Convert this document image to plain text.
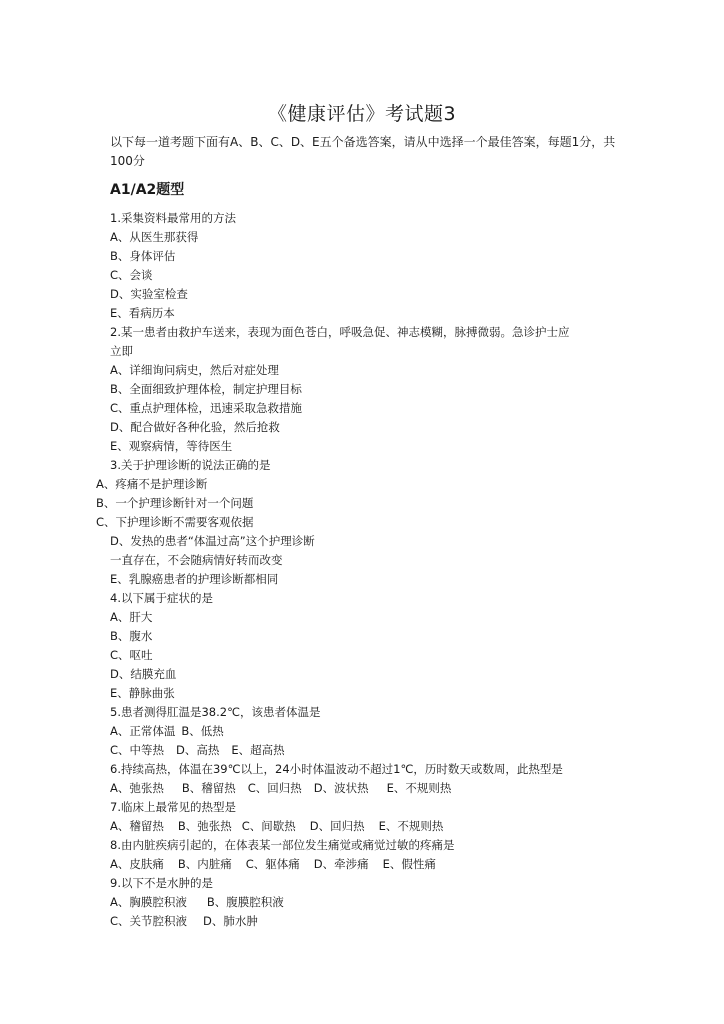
《健康评估》考试题3
以下每一道考题下面有A、B、C、D、E五个备选答案，请从中选择一个最佳答案，每题1分，共100分
A1/A2题型
1.采集资料最常用的方法
A、从医生那获得
B、身体评估
C、会谈
D、实验室检查
E、看病历本
2.某一患者由救护车送来，表现为面色苍白，呼吸急促、神志模糊，脉搏微弱。急诊护士应
立即
A、详细询问病史，然后对症处理
B、全面细致护理体检，制定护理目标
C、重点护理体检，迅速采取急救措施
D、配合做好各种化验，然后抢救
E、观察病情，等待医生
3.关于护理诊断的说法正确的是
A、疼痛不是护理诊断
B、一个护理诊断针对一个问题
C、下护理诊断不需要客观依据
D、发热的患者“体温过高”这个护理诊断
一直存在，不会随病情好转而改变
E、乳腺癌患者的护理诊断都相同
4.以下属于症状的是
A、肝大
B、腹水
C、呕吐
D、结膜充血
E、静脉曲张
5.患者测得肛温是38.2℃，该患者体温是
A、正常体温 B、低热
C、中等热 D、高热 E、超高热
6.持续高热，体温在39℃以上，24小时体温波动不超过1℃，历时数天或数周，此热型是
A、弛张热 B、稽留热 C、回归热 D、波状热 E、不规则热
7.临床上最常见的热型是
A、稽留热 B、弛张热 C、间歇热 D、回归热 E、不规则热
8.由内脏疾病引起的，在体表某一部位发生痛觉或痛觉过敏的疼痛是
A、皮肤痛 B、内脏痛 C、躯体痛 D、牵涉痛 E、假性痛
9.以下不是水肿的是
A、胸膜腔积液 B、腹膜腔积液
C、关节腔积液 D、肺水肿
